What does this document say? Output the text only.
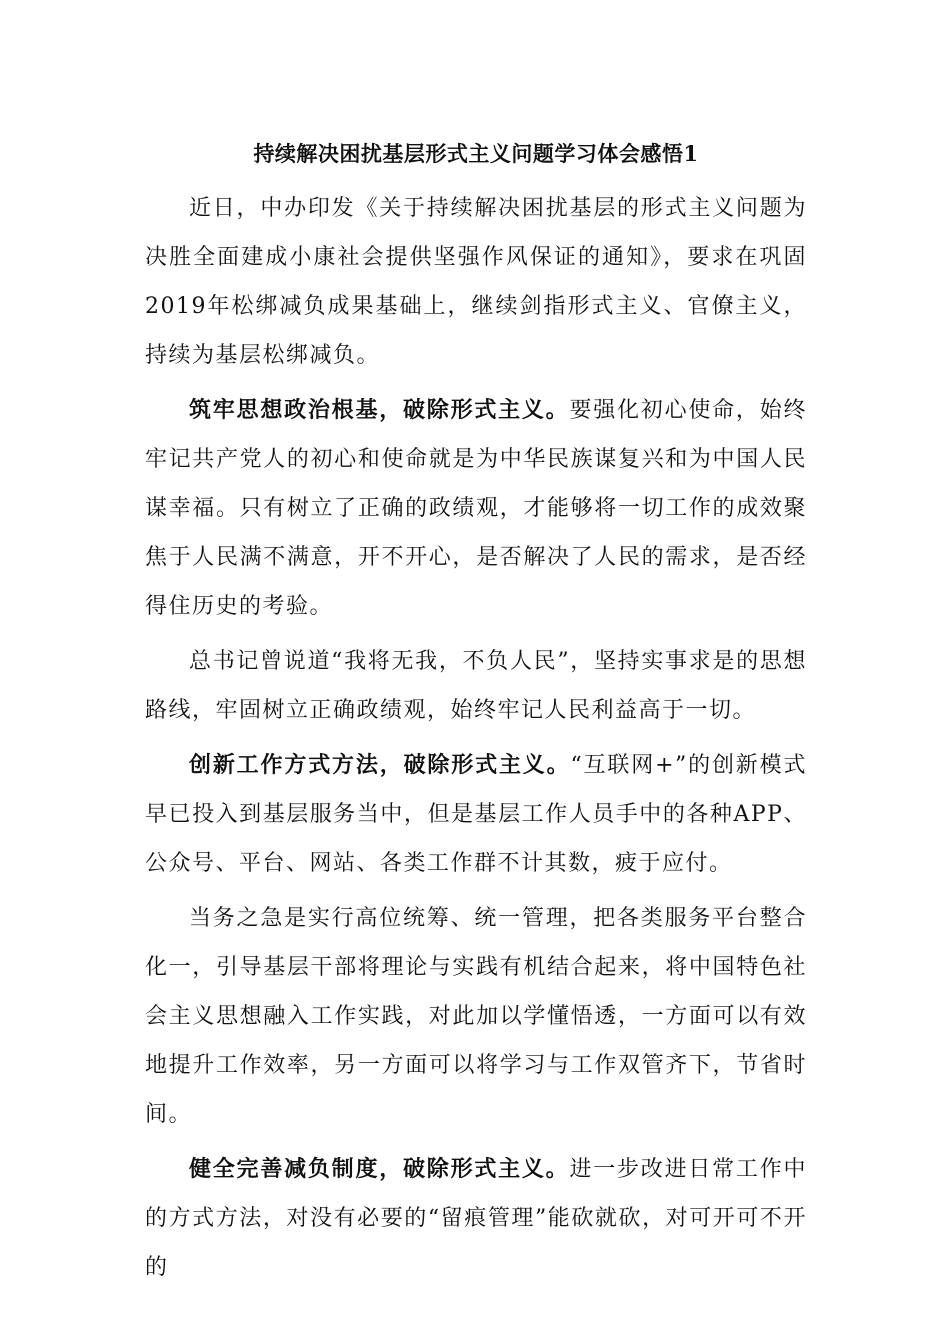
持续解决困扰基层形式主义问题学习体会感悟1

近日，中办印发《关于持续解决困扰基层的形式主义问题为决胜全面建成小康社会提供坚强作风保证的通知》，要求在巩固2019年松绑减负成果基础上，继续剑指形式主义、官僚主义，持续为基层松绑减负。

筑牢思想政治根基，破除形式主义。要强化初心使命，始终牢记共产党人的初心和使命就是为中华民族谋复兴和为中国人民谋幸福。只有树立了正确的政绩观，才能够将一切工作的成效聚焦于人民满不满意，开不开心，是否解决了人民的需求，是否经得住历史的考验。

总书记曾说道“我将无我，不负人民”，坚持实事求是的思想路线，牢固树立正确政绩观，始终牢记人民利益高于一切。

创新工作方式方法，破除形式主义。“互联网+”的创新模式早已投入到基层服务当中，但是基层工作人员手中的各种APP、公众号、平台、网站、各类工作群不计其数，疲于应付。

当务之急是实行高位统筹、统一管理，把各类服务平台整合化一，引导基层干部将理论与实践有机结合起来，将中国特色社会主义思想融入工作实践，对此加以学懂悟透，一方面可以有效地提升工作效率，另一方面可以将学习与工作双管齐下，节省时间。

健全完善减负制度，破除形式主义。进一步改进日常工作中的方式方法，对没有必要的“留痕管理”能砍就砍，对可开可不开的
